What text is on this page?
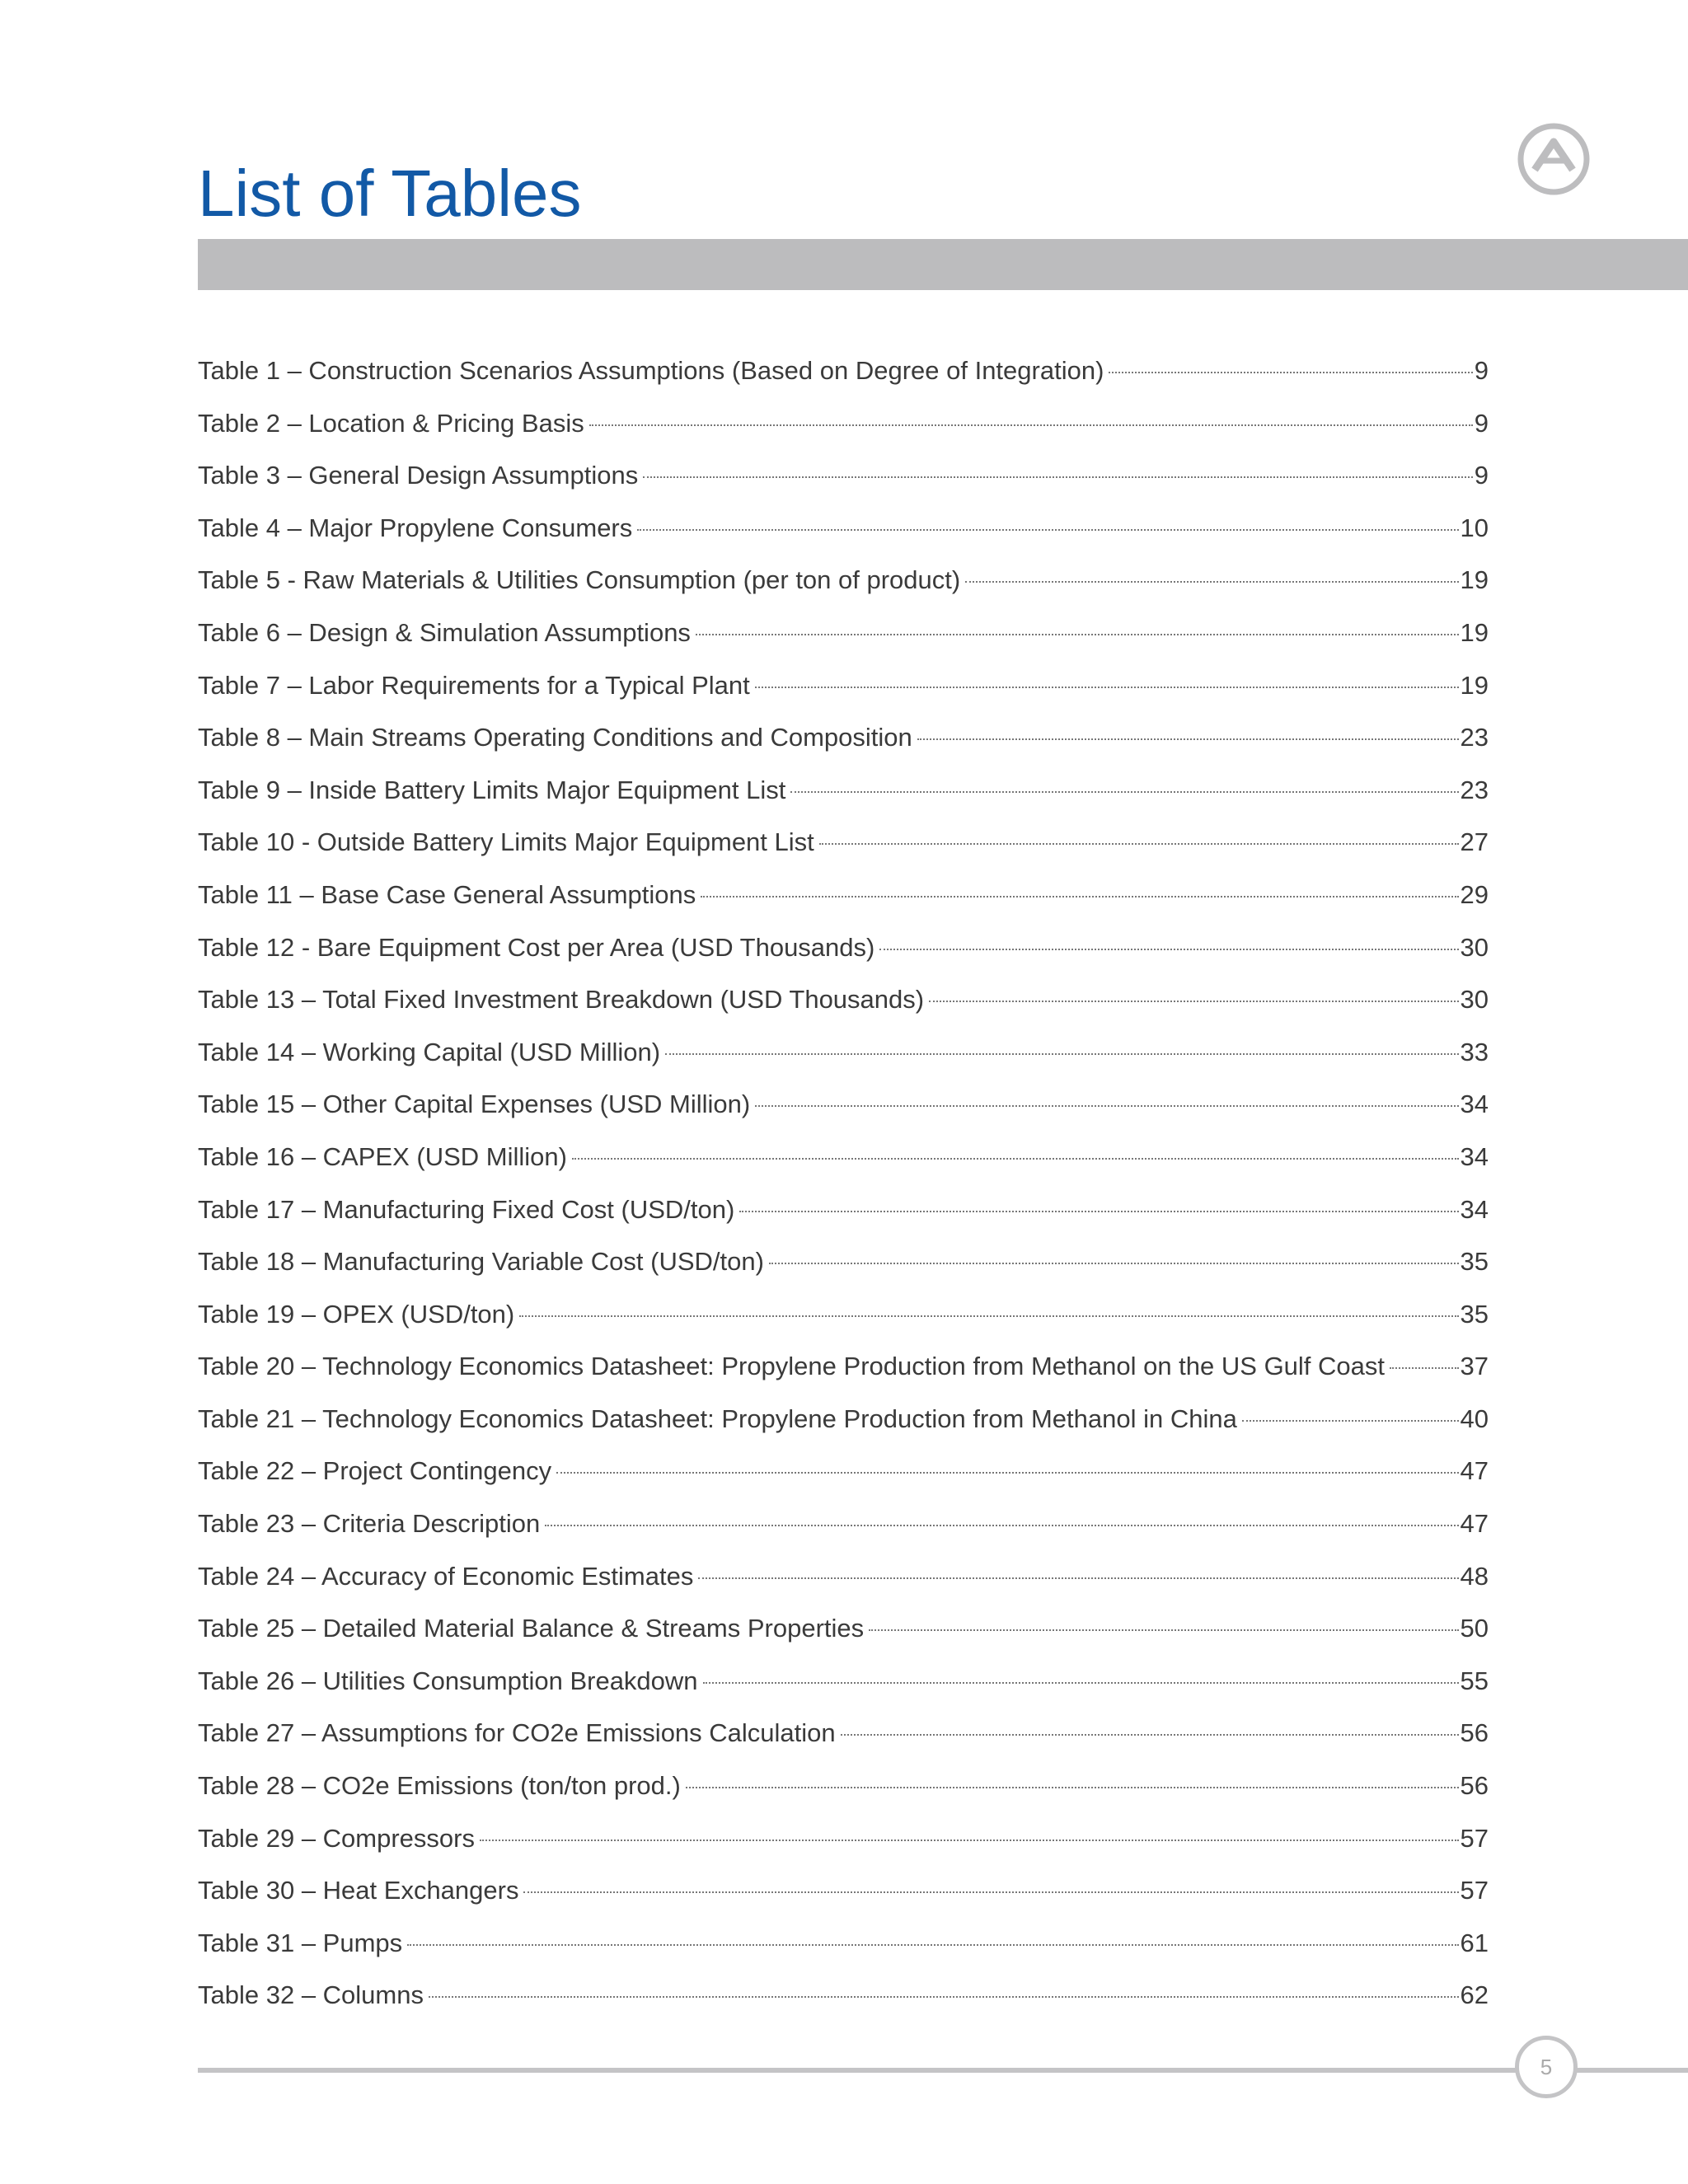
List of Tables
Table 1 – Construction Scenarios Assumptions (Based on Degree of Integration)	9
Table 2 – Location & Pricing Basis	9
Table 3 – General Design Assumptions	9
Table 4 – Major Propylene Consumers	10
Table 5 - Raw Materials & Utilities Consumption (per ton of product)	19
Table 6 – Design & Simulation Assumptions	19
Table 7 – Labor Requirements for a Typical Plant	19
Table 8 – Main Streams Operating Conditions and Composition	23
Table 9 – Inside Battery Limits Major Equipment List	23
Table 10 - Outside Battery Limits Major Equipment List	27
Table 11 – Base Case General Assumptions	29
Table 12 - Bare Equipment Cost per Area (USD Thousands)	30
Table 13 – Total Fixed Investment Breakdown (USD Thousands)	30
Table 14 – Working Capital (USD Million)	33
Table 15 – Other Capital Expenses (USD Million)	34
Table 16 – CAPEX (USD Million)	34
Table 17 – Manufacturing Fixed Cost (USD/ton)	34
Table 18 – Manufacturing Variable Cost (USD/ton)	35
Table 19 – OPEX (USD/ton)	35
Table 20 – Technology Economics Datasheet: Propylene Production from Methanol on the US Gulf Coast	37
Table 21 – Technology Economics Datasheet: Propylene Production from Methanol in China	40
Table 22 – Project Contingency	47
Table 23 – Criteria Description	47
Table 24 – Accuracy of Economic Estimates	48
Table 25 – Detailed Material Balance & Streams Properties	50
Table 26 – Utilities Consumption Breakdown	55
Table 27 – Assumptions for CO2e Emissions Calculation	56
Table 28 – CO2e Emissions (ton/ton prod.)	56
Table 29 – Compressors	57
Table 30 – Heat Exchangers	57
Table 31 – Pumps	61
Table 32 – Columns	62
5
